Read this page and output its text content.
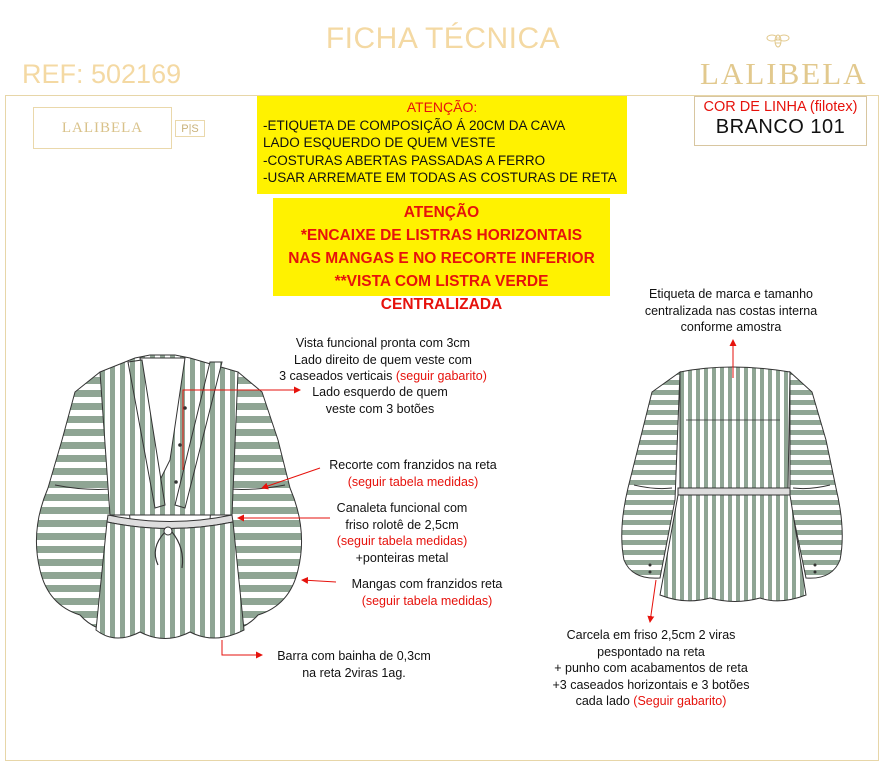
FICHA TÉCNICA
REF: 502169	LALIBELA
LALIBELA	P|S
ATENÇÃO:
-ETIQUETA DE COMPOSIÇÃO Á 20CM DA CAVA
LADO ESQUERDO DE QUEM VESTE
-COSTURAS ABERTAS PASSADAS A FERRO
-USAR ARREMATE EM TODAS AS COSTURAS DE RETA
ATENÇÃO
*ENCAIXE DE LISTRAS HORIZONTAIS
NAS MANGAS E NO RECORTE INFERIOR
**VISTA COM LISTRA VERDE CENTRALIZADA
COR DE LINHA (filotex)
BRANCO 101
Vista funcional pronta com 3cm
Lado direito de quem veste com
3 caseados verticais (seguir gabarito)
Lado esquerdo de quem
veste com 3 botões
Recorte com franzidos na reta
(seguir tabela medidas)
Canaleta funcional com
friso rolotê de 2,5cm
(seguir tabela medidas)
+ponteiras metal
Mangas com franzidos reta
(seguir tabela medidas)
Barra com bainha de 0,3cm
na reta 2viras 1ag.
Etiqueta de marca e tamanho
centralizada nas costas interna
conforme amostra
Carcela em friso 2,5cm 2 viras
pespontado na reta
+ punho com acabamentos de reta
+3 caseados horizontais e 3 botões
cada lado (Seguir gabarito)
